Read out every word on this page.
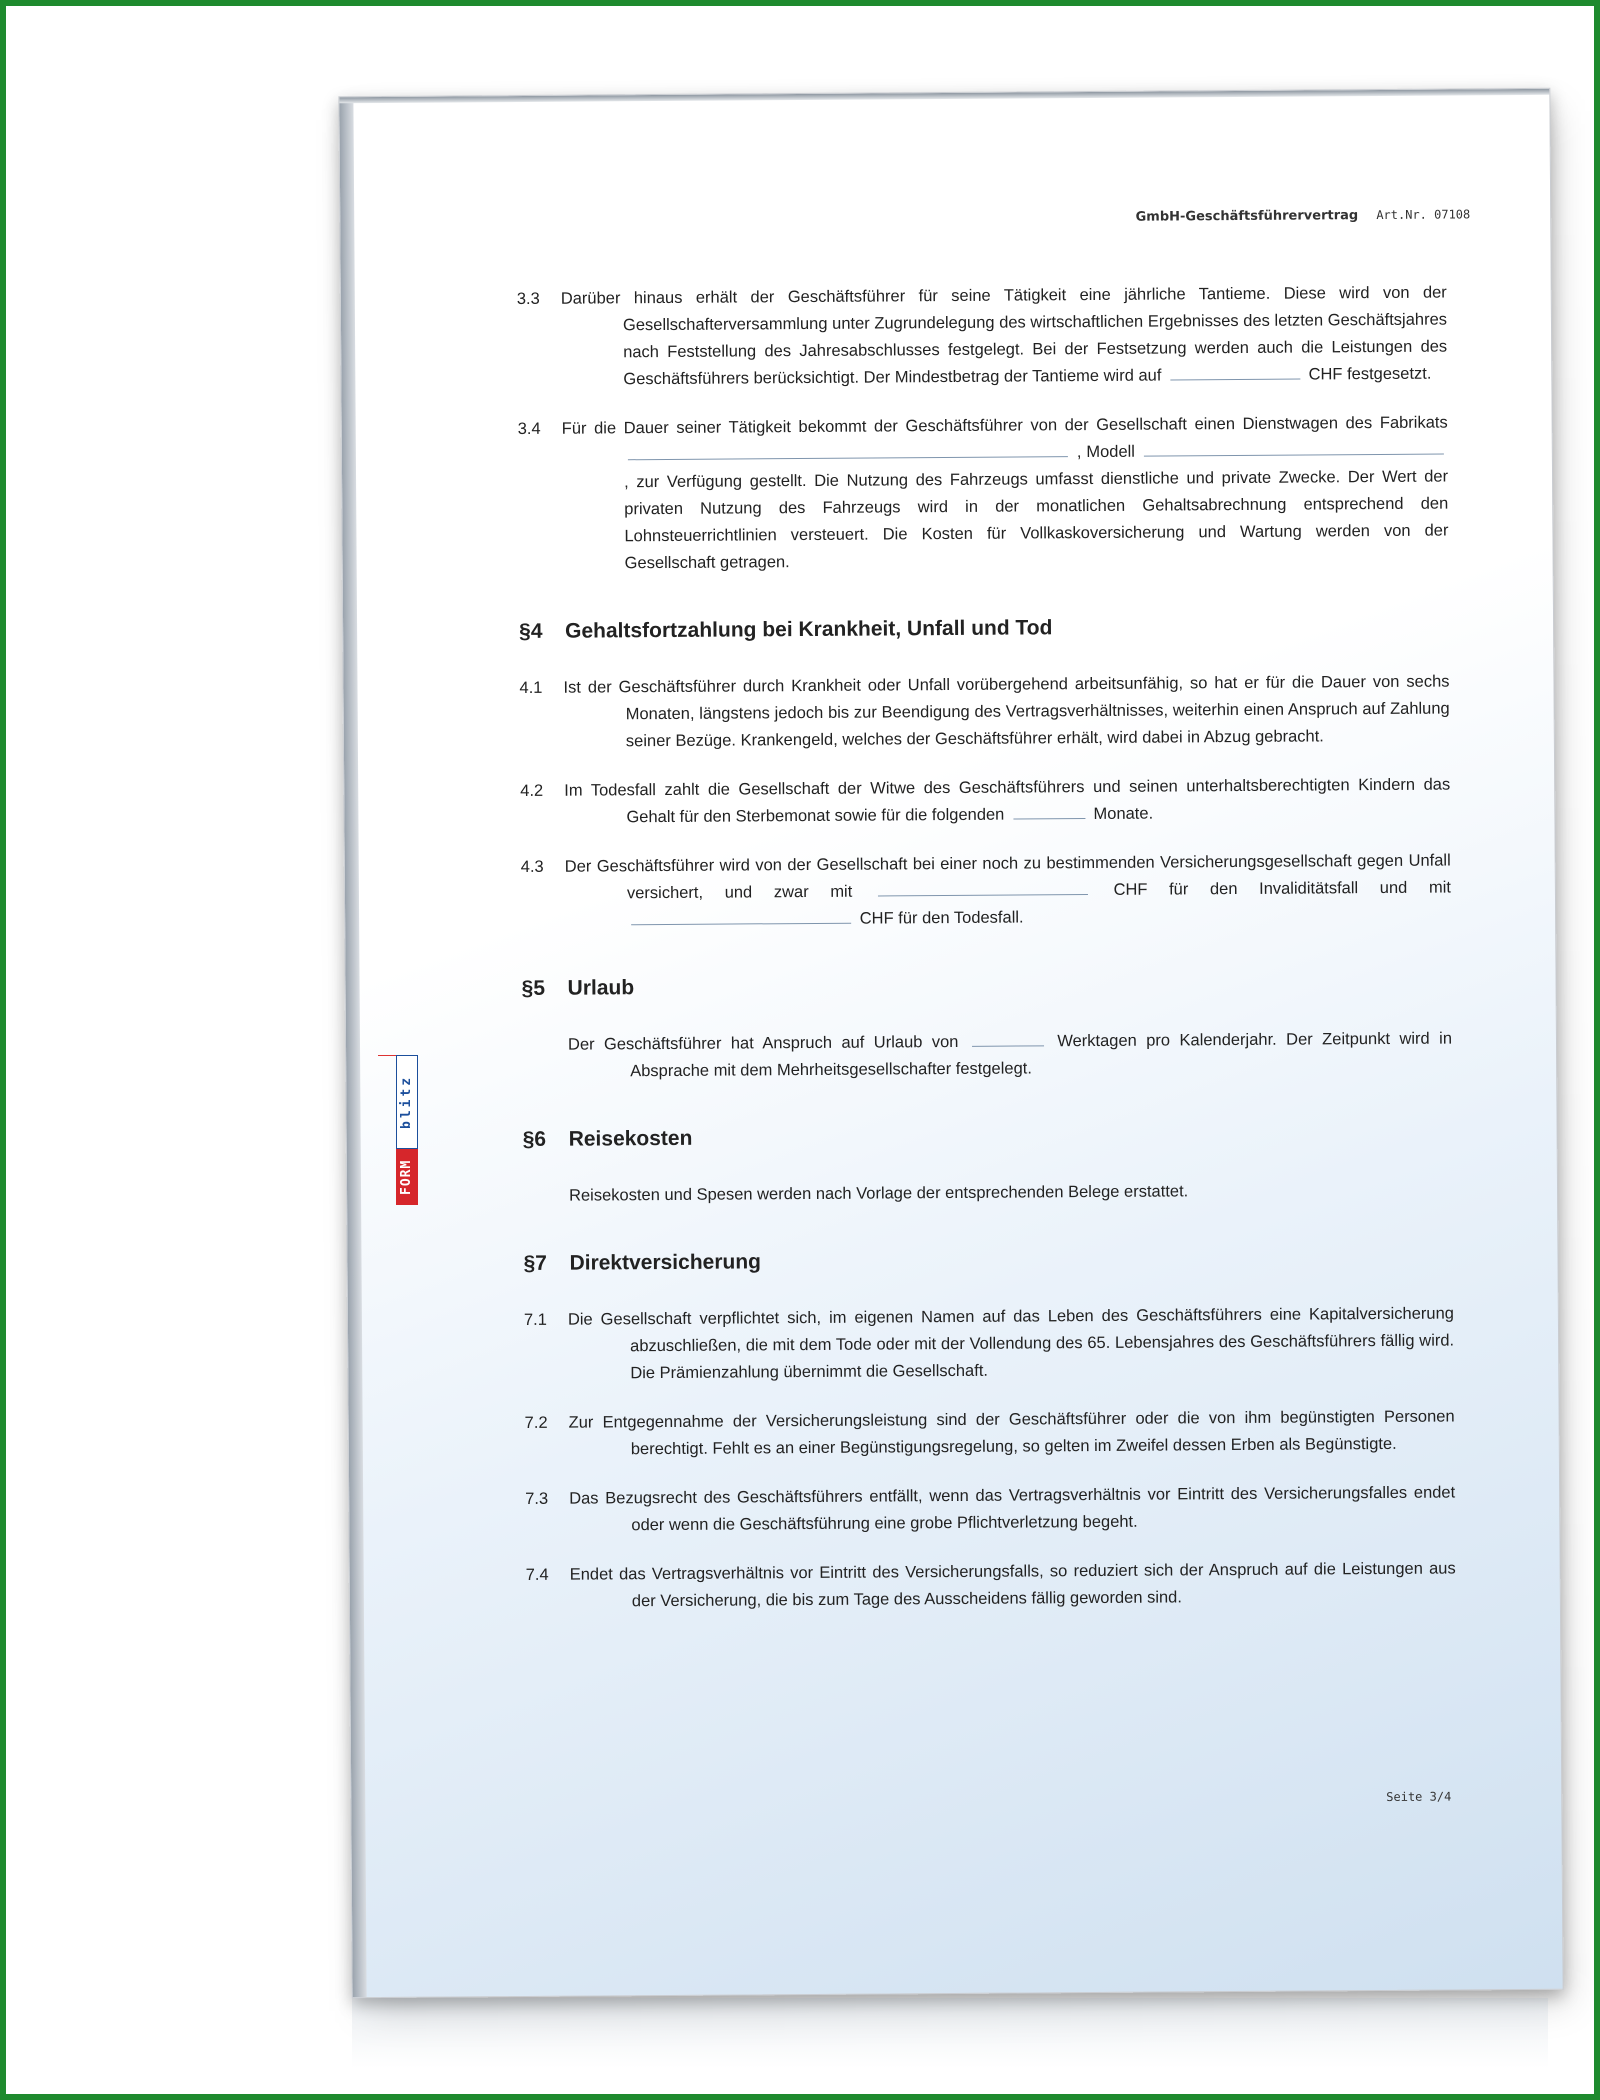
GmbH-Geschäftsführervertrag Art.Nr. 07108
3.3	Darüber hinaus erhält der Geschäftsführer für seine Tätigkeit eine jährliche Tantieme. Diese wird von der Gesellschafterversammlung unter Zugrundelegung des wirtschaftlichen Ergebnisses des letzten Geschäftsjahres nach Feststellung des Jahresabschlusses festgelegt. Bei der Festsetzung werden auch die Leistungen des Geschäftsführers berücksichtigt. Der Mindestbetrag der Tantieme wird auf	CHF festgesetzt.
3.4	Für die Dauer seiner Tätigkeit bekommt der Geschäftsführer von der Gesellschaft einen Dienstwagen des Fabrikats  , Modell  , zur Verfügung gestellt. Die Nutzung des Fahrzeugs umfasst dienstliche und private Zwecke. Der Wert der privaten Nutzung des Fahrzeugs wird in der monatlichen Gehaltsabrechnung entsprechend den Lohnsteuerrichtlinien versteuert. Die Kosten für Vollkaskoversicherung und Wartung werden von der Gesellschaft getragen.
§4	Gehaltsfortzahlung bei Krankheit, Unfall und Tod
4.1	Ist der Geschäftsführer durch Krankheit oder Unfall vorübergehend arbeitsunfähig, so hat er für die Dauer von sechs Monaten, längstens jedoch bis zur Beendigung des Vertragsverhältnisses, weiterhin einen Anspruch auf Zahlung seiner Bezüge. Krankengeld, welches der Geschäftsführer erhält, wird dabei in Abzug gebracht.
4.2	Im Todesfall zahlt die Gesellschaft der Witwe des Geschäftsführers und seinen unterhaltsberechtigten Kindern das Gehalt für den Sterbemonat sowie für die folgenden	Monate.
4.3	Der Geschäftsführer wird von der Gesellschaft bei einer noch zu bestimmenden Versicherungsgesellschaft gegen Unfall versichert, und zwar mit	CHF für den Invaliditätsfall und mit  CHF für den Todesfall.
§5	Urlaub
Der Geschäftsführer hat Anspruch auf Urlaub von	Werktagen pro Kalenderjahr. Der Zeitpunkt wird in Absprache mit dem Mehrheitsgesellschafter festgelegt.
§6	Reisekosten
Reisekosten und Spesen werden nach Vorlage der entsprechenden Belege erstattet.
§7	Direktversicherung
7.1	Die Gesellschaft verpflichtet sich, im eigenen Namen auf das Leben des Geschäftsführers eine Kapitalversicherung abzuschließen, die mit dem Tode oder mit der Vollendung des 65. Lebensjahres des Geschäftsführers fällig wird. Die Prämienzahlung übernimmt die Gesellschaft.
7.2	Zur Entgegennahme der Versicherungsleistung sind der Geschäftsführer oder die von ihm begünstigten Personen berechtigt. Fehlt es an einer Begünstigungsregelung, so gelten im Zweifel dessen Erben als Begünstigte.
7.3	Das Bezugsrecht des Geschäftsführers entfällt, wenn das Vertragsverhältnis vor Eintritt des Versicherungsfalles endet oder wenn die Geschäftsführung eine grobe Pflichtverletzung begeht.
7.4	Endet das Vertragsverhältnis vor Eintritt des Versicherungsfalls, so reduziert sich der Anspruch auf die Leistungen aus der Versicherung, die bis zum Tage des Ausscheidens fällig geworden sind.
Seite 3/4
blitz
FORM
